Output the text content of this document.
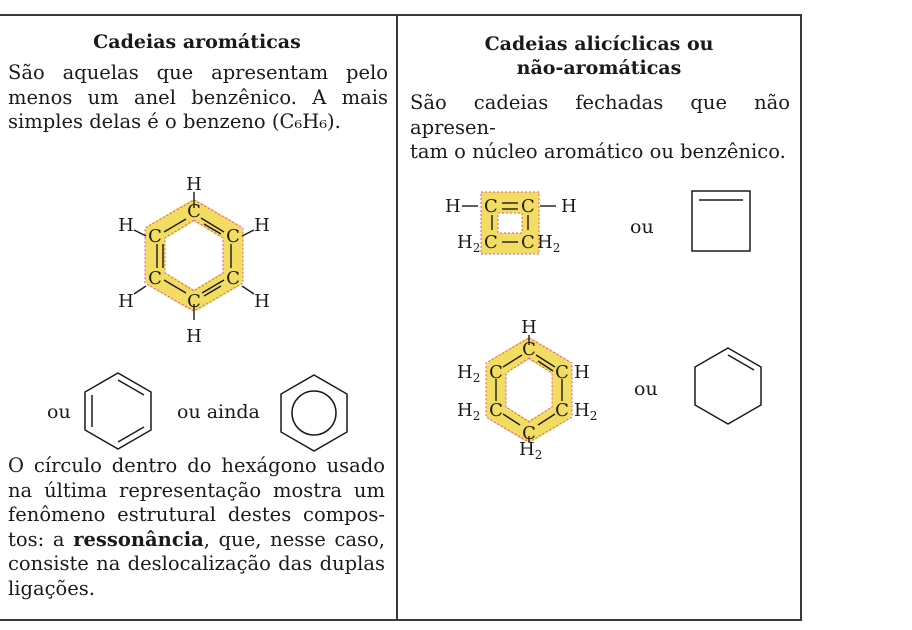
Cadeias aromáticas
São aquelas que apresentam pelo
menos um anel benzênico. A mais
simples delas é o benzeno (C₆H₆).
C
C
C
C
C
C
H
H
H
H
H
H
ou	ou ainda
O círculo dentro do hexágono usado
na última representação mostra um
fenômeno estrutural destes compos-
tos: a ressonância, que, nesse caso,
consiste na deslocalização das duplas
ligações.
Cadeias alicíclicas ou
não-aromáticas
São cadeias fechadas que não apresen-
tam o núcleo aromático ou benzênico.
H C C H
$H_2$ C C $H_2$
ou
H
C
C H
C $H_2$
C
$H_2$
C
$H_2$
C
$H_2$	ou
